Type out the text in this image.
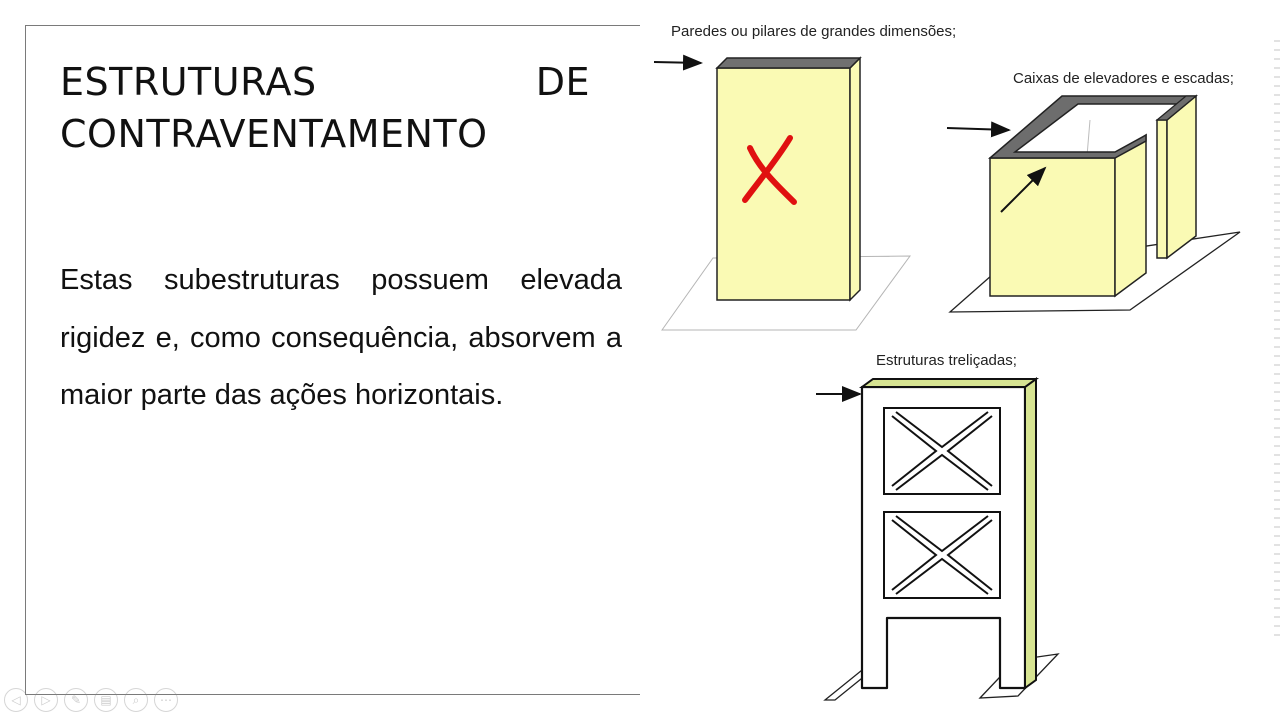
ESTRUTURAS DE CONTRAVENTAMENTO

Estas subestruturas possuem elevada rigidez e, como consequência, absorvem a maior parte das ações horizontais.

Paredes ou pilares de grandes dimensões;
Caixas de elevadores e escadas;
Estruturas treliçadas;
◁	▷	✎	▤	⌕	⋯
